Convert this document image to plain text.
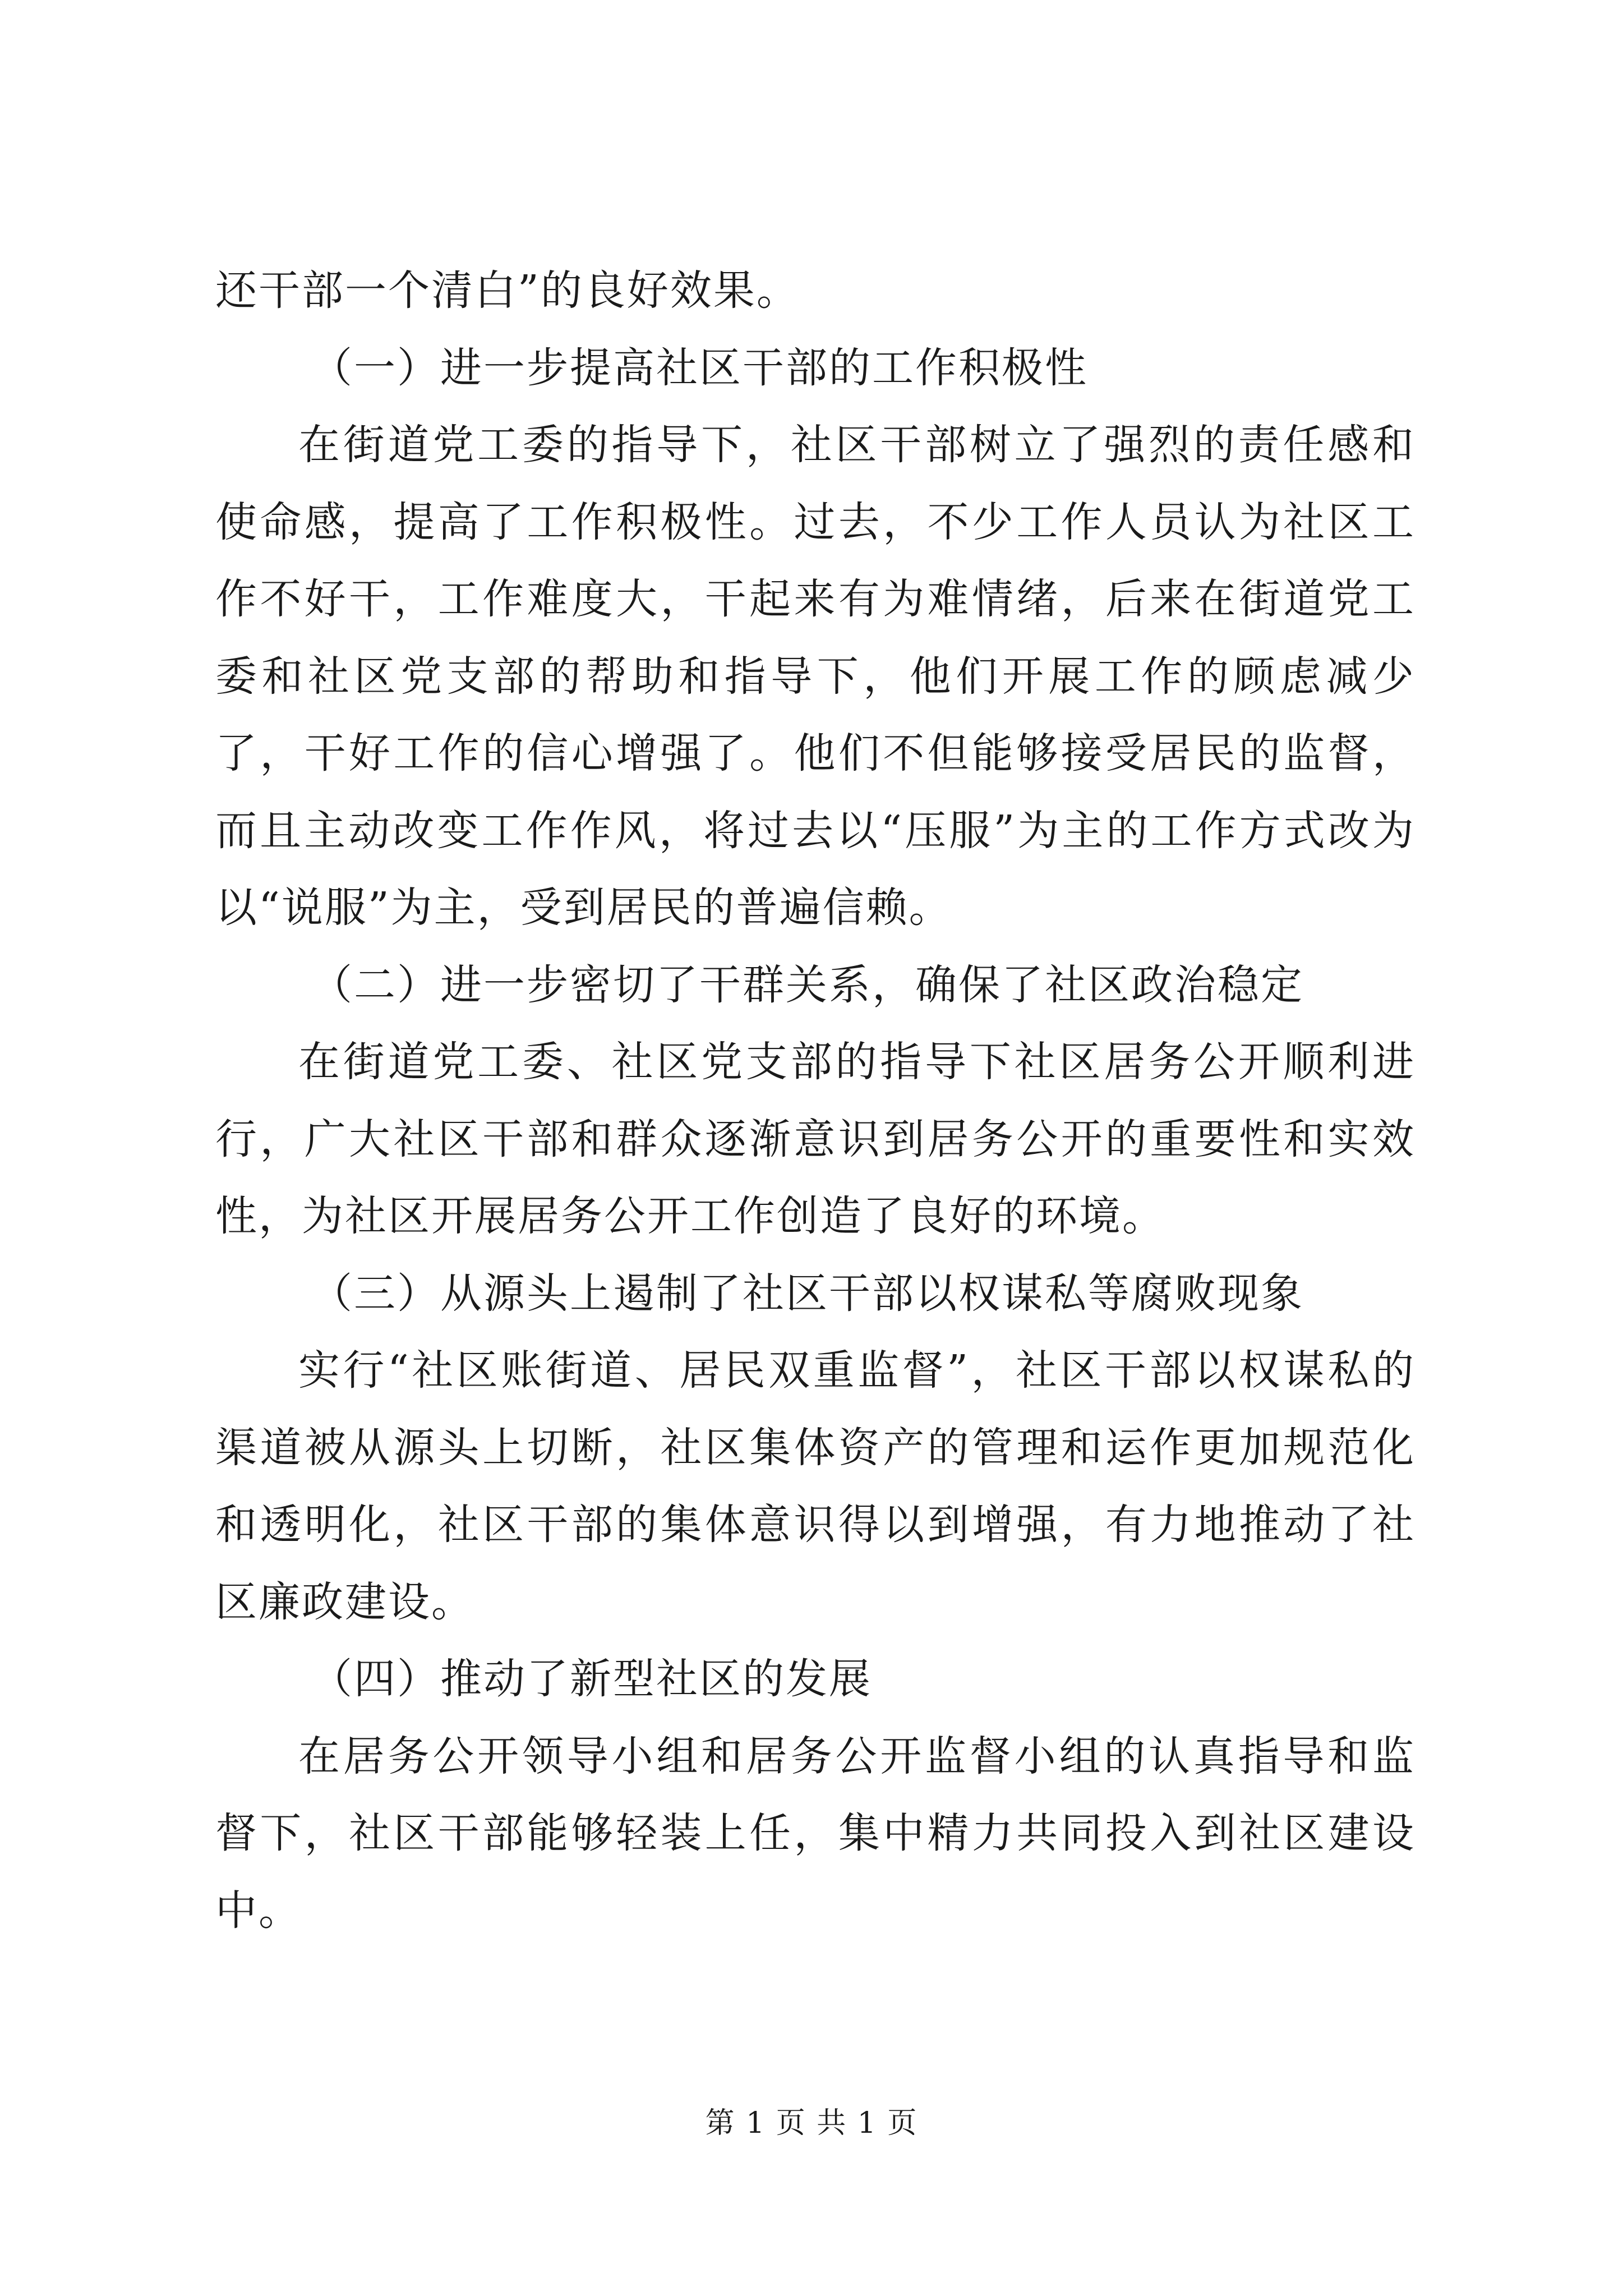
还干部一个清白”的良好效果。

（一）进一步提高社区干部的工作积极性

在街道党工委的指导下，社区干部树立了强烈的责任感和使命感，提高了工作积极性。过去，不少工作人员认为社区工作不好干，工作难度大，干起来有为难情绪，后来在街道党工委和社区党支部的帮助和指导下，他们开展工作的顾虑减少了，干好工作的信心增强了。他们不但能够接受居民的监督，而且主动改变工作作风，将过去以“压服”为主的工作方式改为以“说服”为主，受到居民的普遍信赖。

（二）进一步密切了干群关系，确保了社区政治稳定

在街道党工委、社区党支部的指导下社区居务公开顺利进行，广大社区干部和群众逐渐意识到居务公开的重要性和实效性，为社区开展居务公开工作创造了良好的环境。

（三）从源头上遏制了社区干部以权谋私等腐败现象

实行“社区账街道、居民双重监督”，社区干部以权谋私的渠道被从源头上切断，社区集体资产的管理和运作更加规范化和透明化，社区干部的集体意识得以到增强，有力地推动了社区廉政建设。

（四）推动了新型社区的发展

在居务公开领导小组和居务公开监督小组的认真指导和监督下，社区干部能够轻装上任，集中精力共同投入到社区建设中。

第 1 页 共 1 页
